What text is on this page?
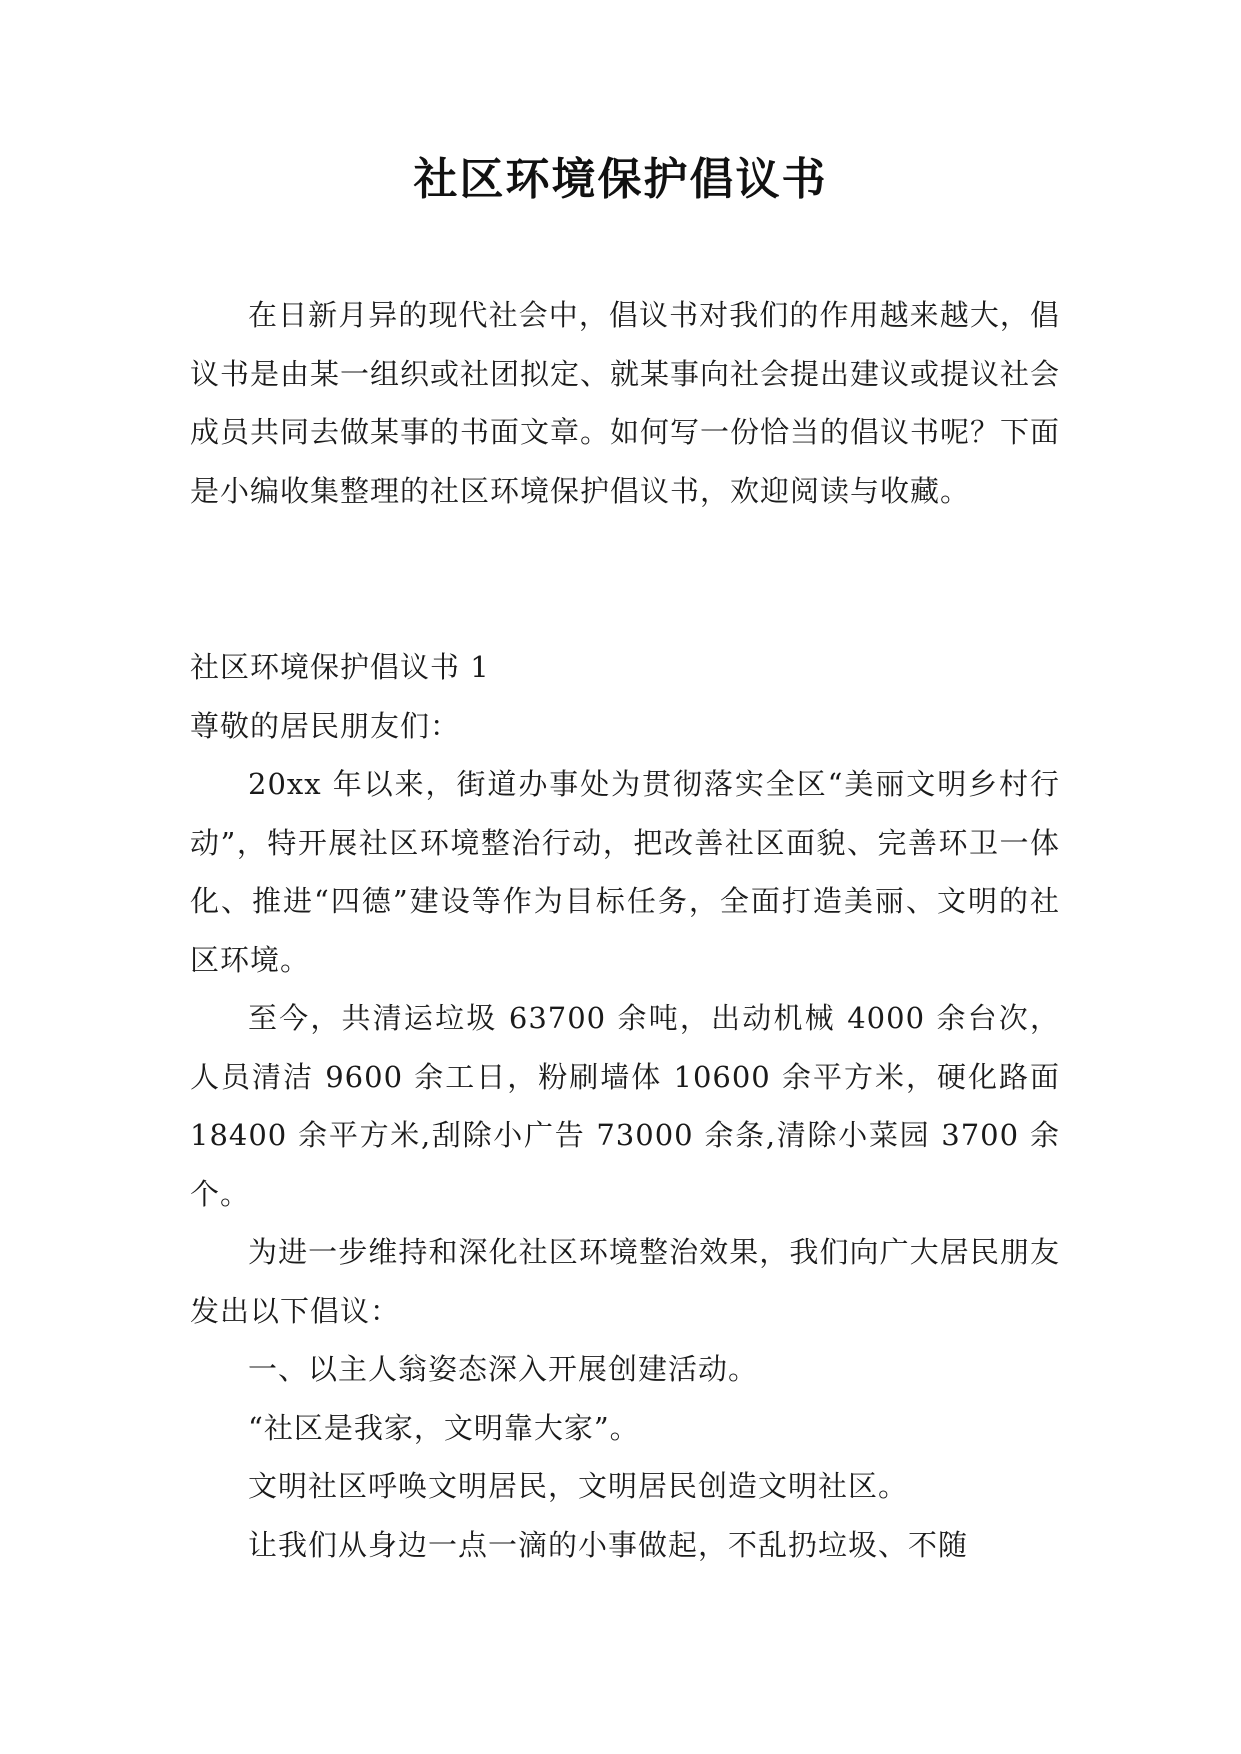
社区环境保护倡议书

在日新月异的现代社会中，倡议书对我们的作用越来越大，倡议书是由某一组织或社团拟定、就某事向社会提出建议或提议社会成员共同去做某事的书面文章。如何写一份恰当的倡议书呢？下面是小编收集整理的社区环境保护倡议书，欢迎阅读与收藏。

社区环境保护倡议书 1

尊敬的居民朋友们：

20xx 年以来，街道办事处为贯彻落实全区“美丽文明乡村行动”，特开展社区环境整治行动，把改善社区面貌、完善环卫一体化、推进“四德”建设等作为目标任务，全面打造美丽、文明的社区环境。

至今，共清运垃圾 63700 余吨，出动机械 4000 余台次，人员清洁 9600 余工日，粉刷墙体 10600 余平方米，硬化路面 18400 余平方米,刮除小广告 73000 余条,清除小菜园 3700 余个。

为进一步维持和深化社区环境整治效果，我们向广大居民朋友发出以下倡议：

一、以主人翁姿态深入开展创建活动。

“社区是我家，文明靠大家”。

文明社区呼唤文明居民，文明居民创造文明社区。

让我们从身边一点一滴的小事做起，不乱扔垃圾、不随
